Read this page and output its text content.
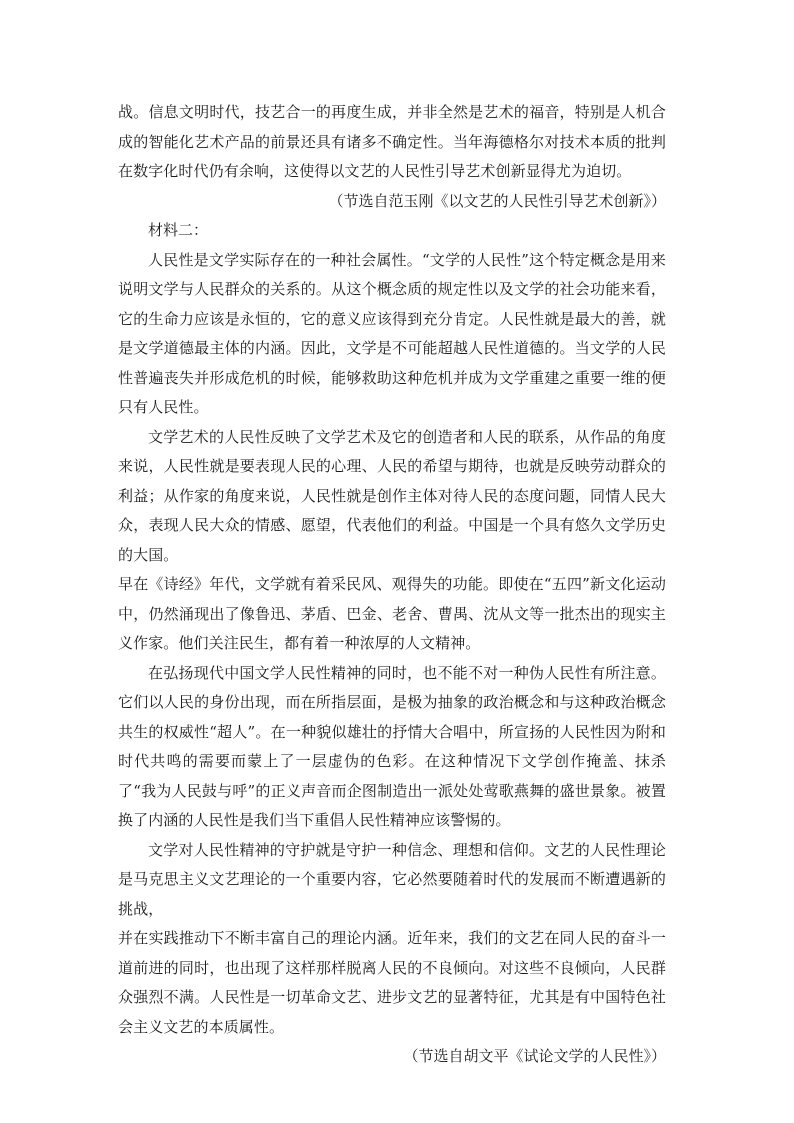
战。信息文明时代，技艺合一的再度生成，并非全然是艺术的福音，特别是人机合成的智能化艺术产品的前景还具有诸多不确定性。当年海德格尔对技术本质的批判在数字化时代仍有余响，这使得以文艺的人民性引导艺术创新显得尤为迫切。

（节选自范玉刚《以文艺的人民性引导艺术创新》）

材料二：

人民性是文学实际存在的一种社会属性。“文学的人民性”这个特定概念是用来说明文学与人民群众的关系的。从这个概念质的规定性以及文学的社会功能来看，它的生命力应该是永恒的，它的意义应该得到充分肯定。人民性就是最大的善，就是文学道德最主体的内涵。因此，文学是不可能超越人民性道德的。当文学的人民性普遍丧失并形成危机的时候，能够救助这种危机并成为文学重建之重要一维的便只有人民性。

文学艺术的人民性反映了文学艺术及它的创造者和人民的联系，从作品的角度来说，人民性就是要表现人民的心理、人民的希望与期待，也就是反映劳动群众的利益；从作家的角度来说，人民性就是创作主体对待人民的态度问题，同情人民大众，表现人民大众的情感、愿望，代表他们的利益。中国是一个具有悠久文学历史的大国。

早在《诗经》年代，文学就有着采民风、观得失的功能。即使在“五四”新文化运动中，仍然涌现出了像鲁迅、茅盾、巴金、老舍、曹禺、沈从文等一批杰出的现实主义作家。他们关注民生，都有着一种浓厚的人文精神。

在弘扬现代中国文学人民性精神的同时，也不能不对一种伪人民性有所注意。它们以人民的身份出现，而在所指层面，是极为抽象的政治概念和与这种政治概念共生的权威性“超人”。在一种貌似雄壮的抒情大合唱中，所宣扬的人民性因为附和时代共鸣的需要而蒙上了一层虚伪的色彩。在这种情况下文学创作掩盖、抹杀了“我为人民鼓与呼”的正义声音而企图制造出一派处处莺歌燕舞的盛世景象。被置换了内涵的人民性是我们当下重倡人民性精神应该警惕的。

文学对人民性精神的守护就是守护一种信念、理想和信仰。文艺的人民性理论是马克思主义文艺理论的一个重要内容，它必然要随着时代的发展而不断遭遇新的挑战，

并在实践推动下不断丰富自己的理论内涵。近年来，我们的文艺在同人民的奋斗一道前进的同时，也出现了这样那样脱离人民的不良倾向。对这些不良倾向，人民群众强烈不满。人民性是一切革命文艺、进步文艺的显著特征，尤其是有中国特色社会主义文艺的本质属性。

（节选自胡文平《试论文学的人民性》）
